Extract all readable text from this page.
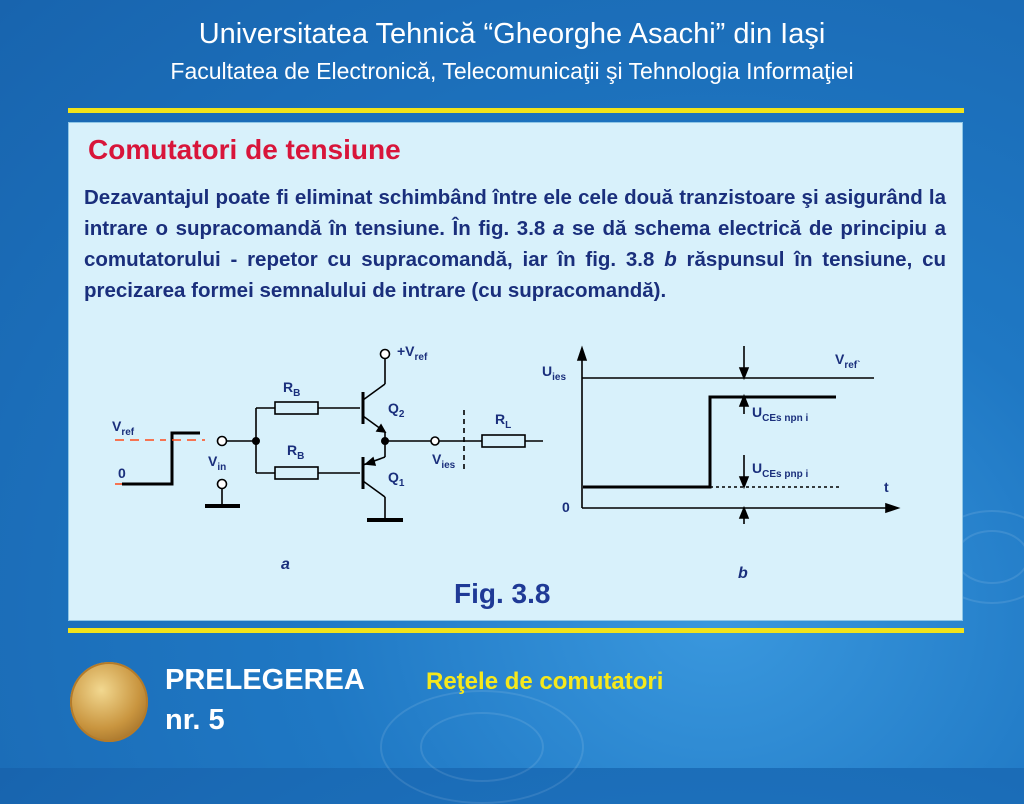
Universitatea Tehnică “Gheorghe Asachi” din Iaşi
Facultatea de Electronică, Telecomunicaţii şi Tehnologia Informaţiei
Comutatori de tensiune
Dezavantajul poate fi eliminat schimbând între ele cele două tranzistoare şi asigurând la intrare o supracomandă în tensiune. În fig. 3.8 a se dă schema electrică de principiu a comutatorului - repetor cu supracomandă, iar în fig. 3.8 b răspunsul în tensiune, cu precizarea formei semnalului de intrare (cu supracomandă).
$V_{ref}$
0
$V_{in}$
$+V_{ref}$
$R_B$
$R_B$
$Q_2$
$Q_1$
$R_L$
$V_{ies}$
a
$U_{ies}$
$V_{ref`}$
$U_{CEs npn i}$
$U_{CEs pnp i}$
t
0
b
Fig. 3.8
PRELEGEREA
nr. 5
Reţele de comutatori
